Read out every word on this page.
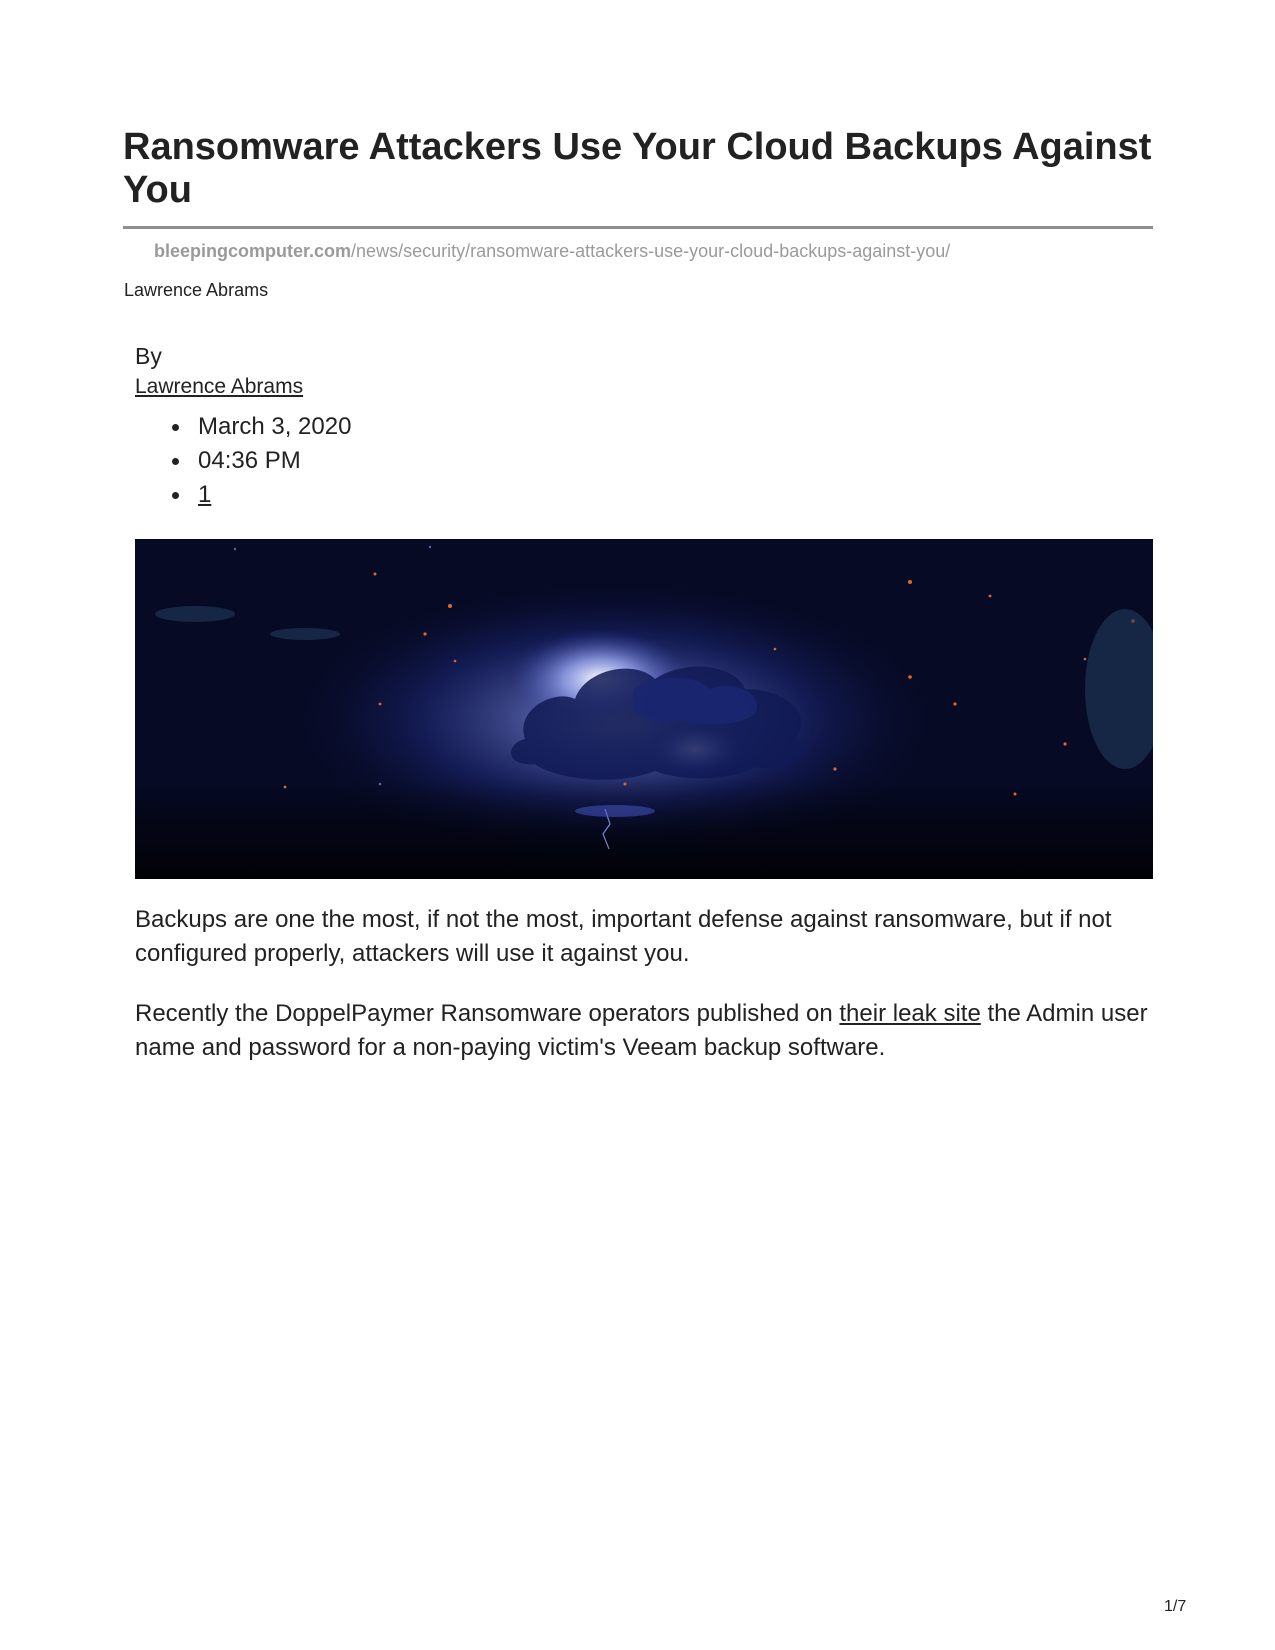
Ransomware Attackers Use Your Cloud Backups Against You
bleepingcomputer.com/news/security/ransomware-attackers-use-your-cloud-backups-against-you/
Lawrence Abrams
By
Lawrence Abrams
March 3, 2020
04:36 PM
1

Backups are one the most, if not the most, important defense against ransomware, but if not configured properly, attackers will use it against you.

Recently the DoppelPaymer Ransomware operators published on their leak site the Admin user name and password for a non-paying victim's Veeam backup software.

1/7
